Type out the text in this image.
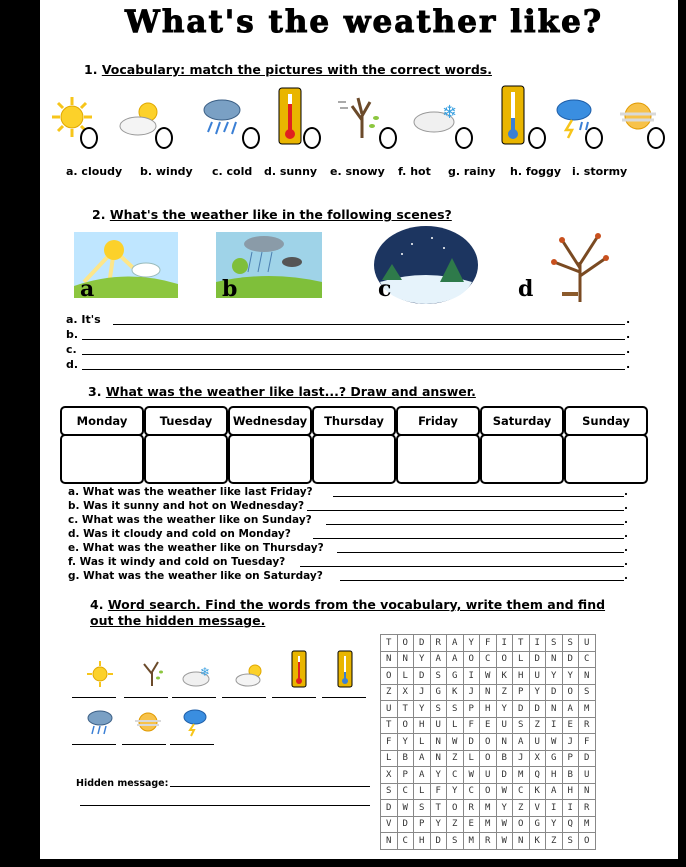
What's the weather like?
1. Vocabulary: match the pictures with the correct words.
❄
a. cloudy b. windy c. cold d. sunny e. snowy f. hot g. rainy h. foggy i. stormy
2. What's the weather like in the following scenes?
a	b	c	d
a. It's	.
b.	.
c.	.
d.	.
3. What was the weather like last...? Draw and answer.
Monday	Tuesday	Wednesday	Thursday	Friday	Saturday	Sunday
a. What was the weather like last Friday?	.
b. Was it sunny and hot on Wednesday?	.
c. What was the weather like on Sunday?	.
d. Was it cloudy and cold on Monday?	.
e. What was the weather like on Thursday?	.
f. Was it windy and cold on Tuesday?	.
g. What was the weather like on Saturday?	.
4. Word search. Find the words from the vocabulary, write them and find
out the hidden message.
❄
Hidden message:
T	O	D	R	A	Y	F	I	T	I	S	S	U
N	N	Y	A	A	O	C	O	L	D	N	D	C
O	L	D	S	G	I	W	K	H	U	Y	Y	N
Z	X	J	G	K	J	N	Z	P	Y	D	O	S
U	T	Y	S	S	P	H	Y	D	D	N	A	M
T	O	H	U	L	F	E	U	S	Z	I	E	R
F	Y	L	N	W	D	O	N	A	U	W	J	F
L	B	A	N	Z	L	O	B	J	X	G	P	D
X	P	A	Y	C	W	U	D	M	Q	H	B	U
S	C	L	F	Y	C	O	W	C	K	A	H	N
D	W	S	T	O	R	M	Y	Z	V	I	I	R
V	D	P	Y	Z	E	M	W	O	G	Y	Q	M
N	C	H	D	S	M	R	W	N	K	Z	S	O
